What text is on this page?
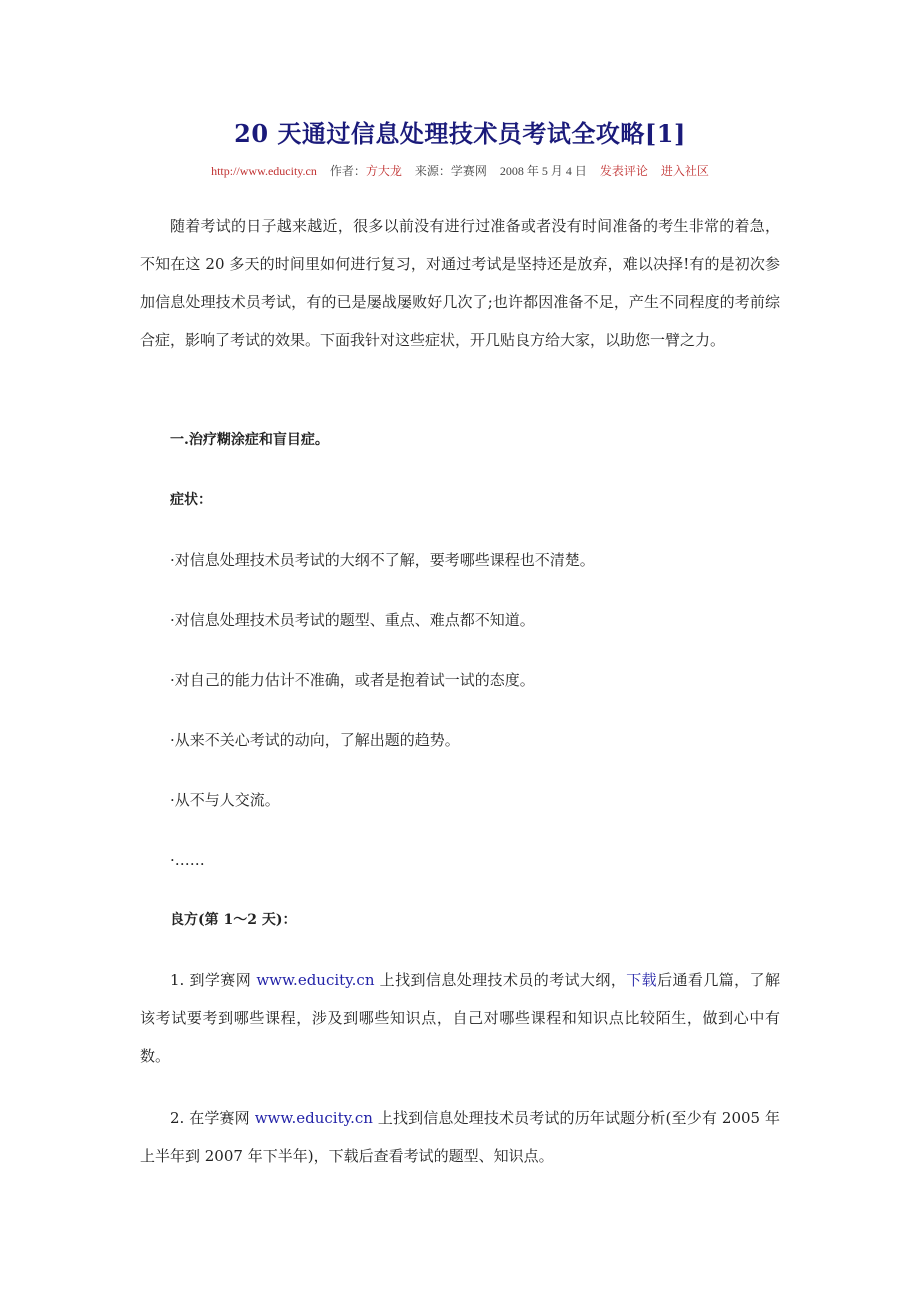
20 天通过信息处理技术员考试全攻略[1]
http://www.educity.cn 作者：方大龙 来源：学赛网 2008 年 5 月 4 日 发表评论 进入社区
随着考试的日子越来越近，很多以前没有进行过准备或者没有时间准备的考生非常的着急，不知在这 20 多天的时间里如何进行复习，对通过考试是坚持还是放弃，难以决择!有的是初次参加信息处理技术员考试，有的已是屡战屡败好几次了;也许都因准备不足，产生不同程度的考前综合症，影响了考试的效果。下面我针对这些症状，开几贴良方给大家，以助您一臂之力。
一.治疗糊涂症和盲目症。
症状：
·对信息处理技术员考试的大纲不了解，要考哪些课程也不清楚。
·对信息处理技术员考试的题型、重点、难点都不知道。
·对自己的能力估计不准确，或者是抱着试一试的态度。
·从来不关心考试的动向，了解出题的趋势。
·从不与人交流。
·……
良方(第 1～2 天)：
1. 到学赛网 www.educity.cn 上找到信息处理技术员的考试大纲，下载后通看几篇，了解该考试要考到哪些课程，涉及到哪些知识点，自己对哪些课程和知识点比较陌生，做到心中有数。
2. 在学赛网 www.educity.cn 上找到信息处理技术员考试的历年试题分析(至少有 2005 年上半年到 2007 年下半年)，下载后查看考试的题型、知识点。
